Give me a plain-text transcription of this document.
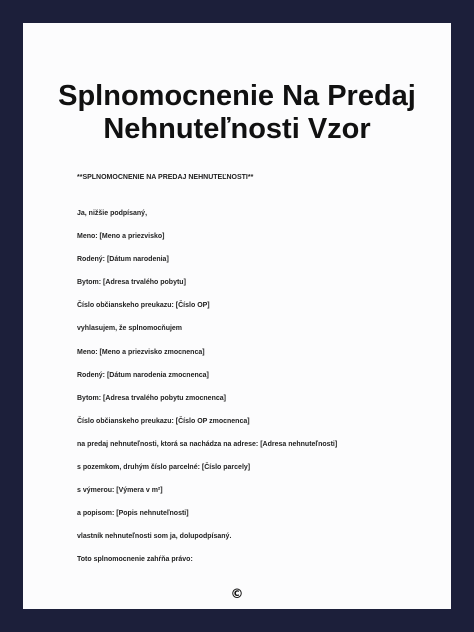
Splnomocnenie Na Predaj
Nehnuteľnosti Vzor
**SPLNOMOCNENIE NA PREDAJ NEHNUTEĽNOSTI**
Ja, nižšie podpísaný,
Meno: [Meno a priezvisko]
Rodený: [Dátum narodenia]
Bytom: [Adresa trvalého pobytu]
Číslo občianskeho preukazu: [Číslo OP]
vyhlasujem, že splnomocňujem
Meno: [Meno a priezvisko zmocnenca]
Rodený: [Dátum narodenia zmocnenca]
Bytom: [Adresa trvalého pobytu zmocnenca]
Číslo občianskeho preukazu: [Číslo OP zmocnenca]
na predaj nehnuteľnosti, ktorá sa nachádza na adrese: [Adresa nehnuteľnosti]
s pozemkom, druhým číslo parcelné: [Číslo parcely]
s výmerou: [Výmera v m²]
a popisom: [Popis nehnuteľnosti]
vlastník nehnuteľnosti som ja, dolupodpísaný.
Toto splnomocnenie zahŕňa právo:
©
